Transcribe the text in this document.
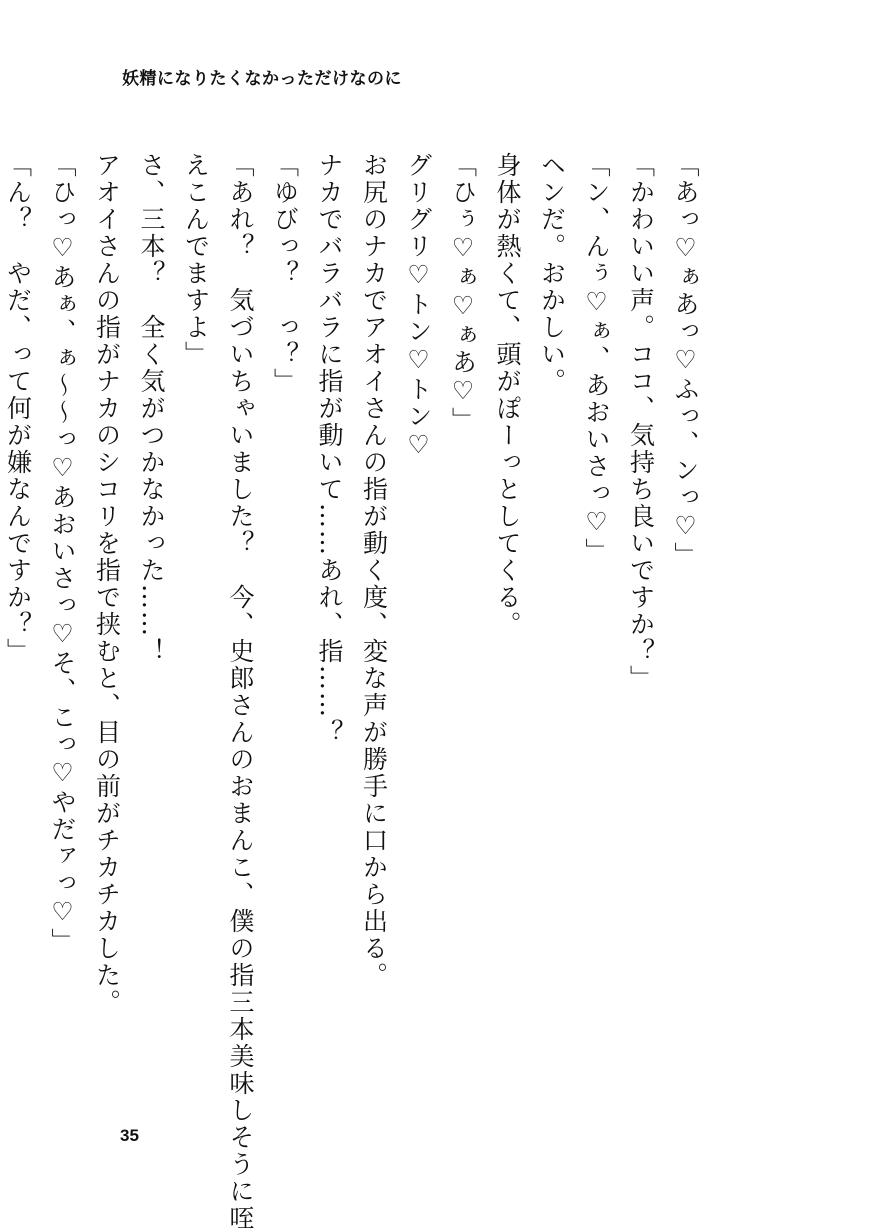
妖精になりたくなかっただけなのに

「あっ♡ぁあっ♡ふっ、ンっ♡」

「かわいい声。ココ、気持ち良いですか？」

「ン、んぅ♡ぁ、あおいさっ♡」

ヘンだ。おかしい。

身体が熱くて、頭がぽーっとしてくる。

「ひぅ♡ぁ♡ぁあ♡」

グリグリ♡トン♡トン♡

お尻のナカでアオイさんの指が動く度、変な声が勝手に口から出る。

ナカでバラバラに指が動いて……あれ、指……？

「ゆびっ？　っ？」

「あれ？　気づいちゃいました？　今、史郎さんのおまんこ、僕の指三本美味しそうに咥

えこんでますよ」

さ、三本？　全く気がつかなかった……！

アオイさんの指がナカのシコリを指で挟むと、目の前がチカチカした。

「ひっ♡あぁ、ぁ〜〜っ♡あおいさっ♡そ、こっ♡やだァっ♡」

「ん？　やだ、って何が嫌なんですか？」

35
